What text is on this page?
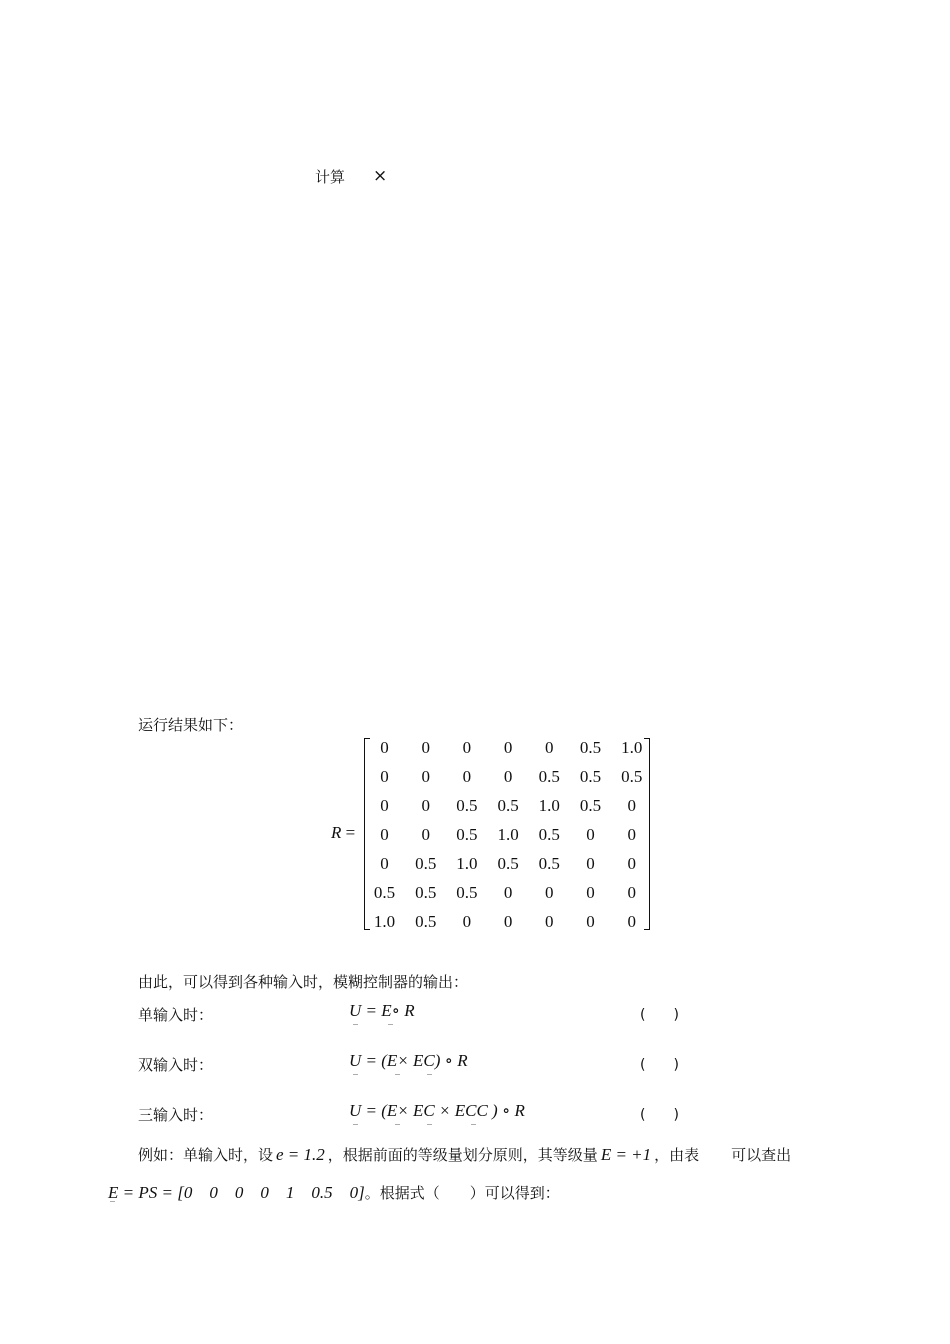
计算 ×
运行结果如下：
R =
0	0	0	0	0	0.5	1.0
0	0	0	0	0.5	0.5	0.5
0	0	0.5	0.5	1.0	0.5	0
0	0	0.5	1.0	0.5	0	0
0	0.5	1.0	0.5	0.5	0	0
0.5	0.5	0.5	0	0	0	0
1.0	0.5	0	0	0	0	0
由此，可以得到各种输入时，模糊控制器的输出：
单输入时：	U = E∘ R
‾	‾
(　　)
双输入时：	U = (E× EC) ∘ R
‾	‾	‾
(　　)
三输入时：	U = (E× EC × ECC ) ∘ R
‾	‾	‾	‾
(　　)
例如：单输入时，设 e = 1.2 ，根据前面的等级量划分原则，其等级量 E = +1 ，由表 可以查出
E = PS = [0　0　0　0　1　0.5　0]。根据式（　　）可以得到：
‾
